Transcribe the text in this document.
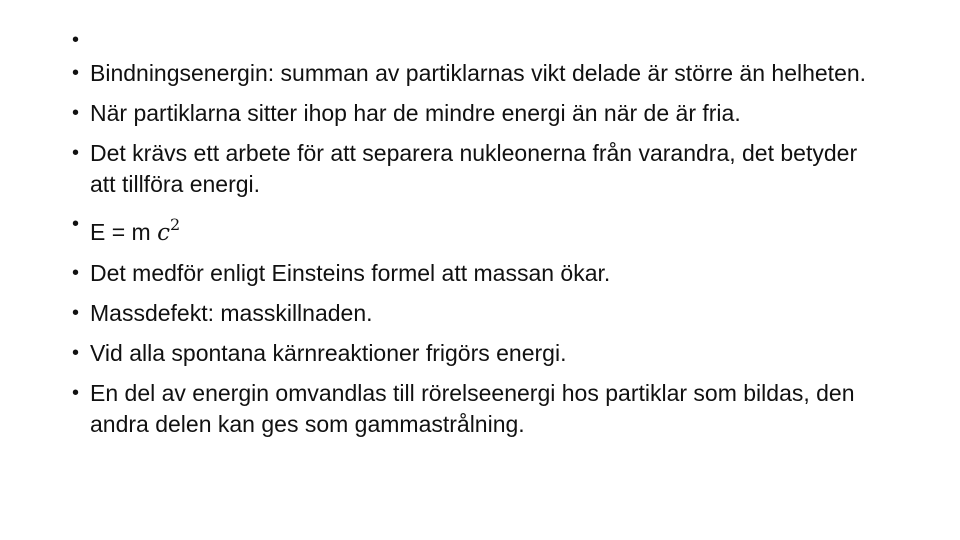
•
• Bindningsenergin: summan av partiklarnas vikt delade är större än helheten.
• När partiklarna sitter ihop har de mindre energi än när de är fria.
• Det krävs ett arbete för att separera nukleonerna från varandra, det betyder att tillföra energi.
• E = m $c^2$
• Det medför enligt Einsteins formel att massan ökar.
• Massdefekt: masskillnaden.
• Vid alla spontana kärnreaktioner frigörs energi.
• En del av energin omvandlas till rörelseenergi hos partiklar som bildas, den andra delen kan ges som gammastrålning.
